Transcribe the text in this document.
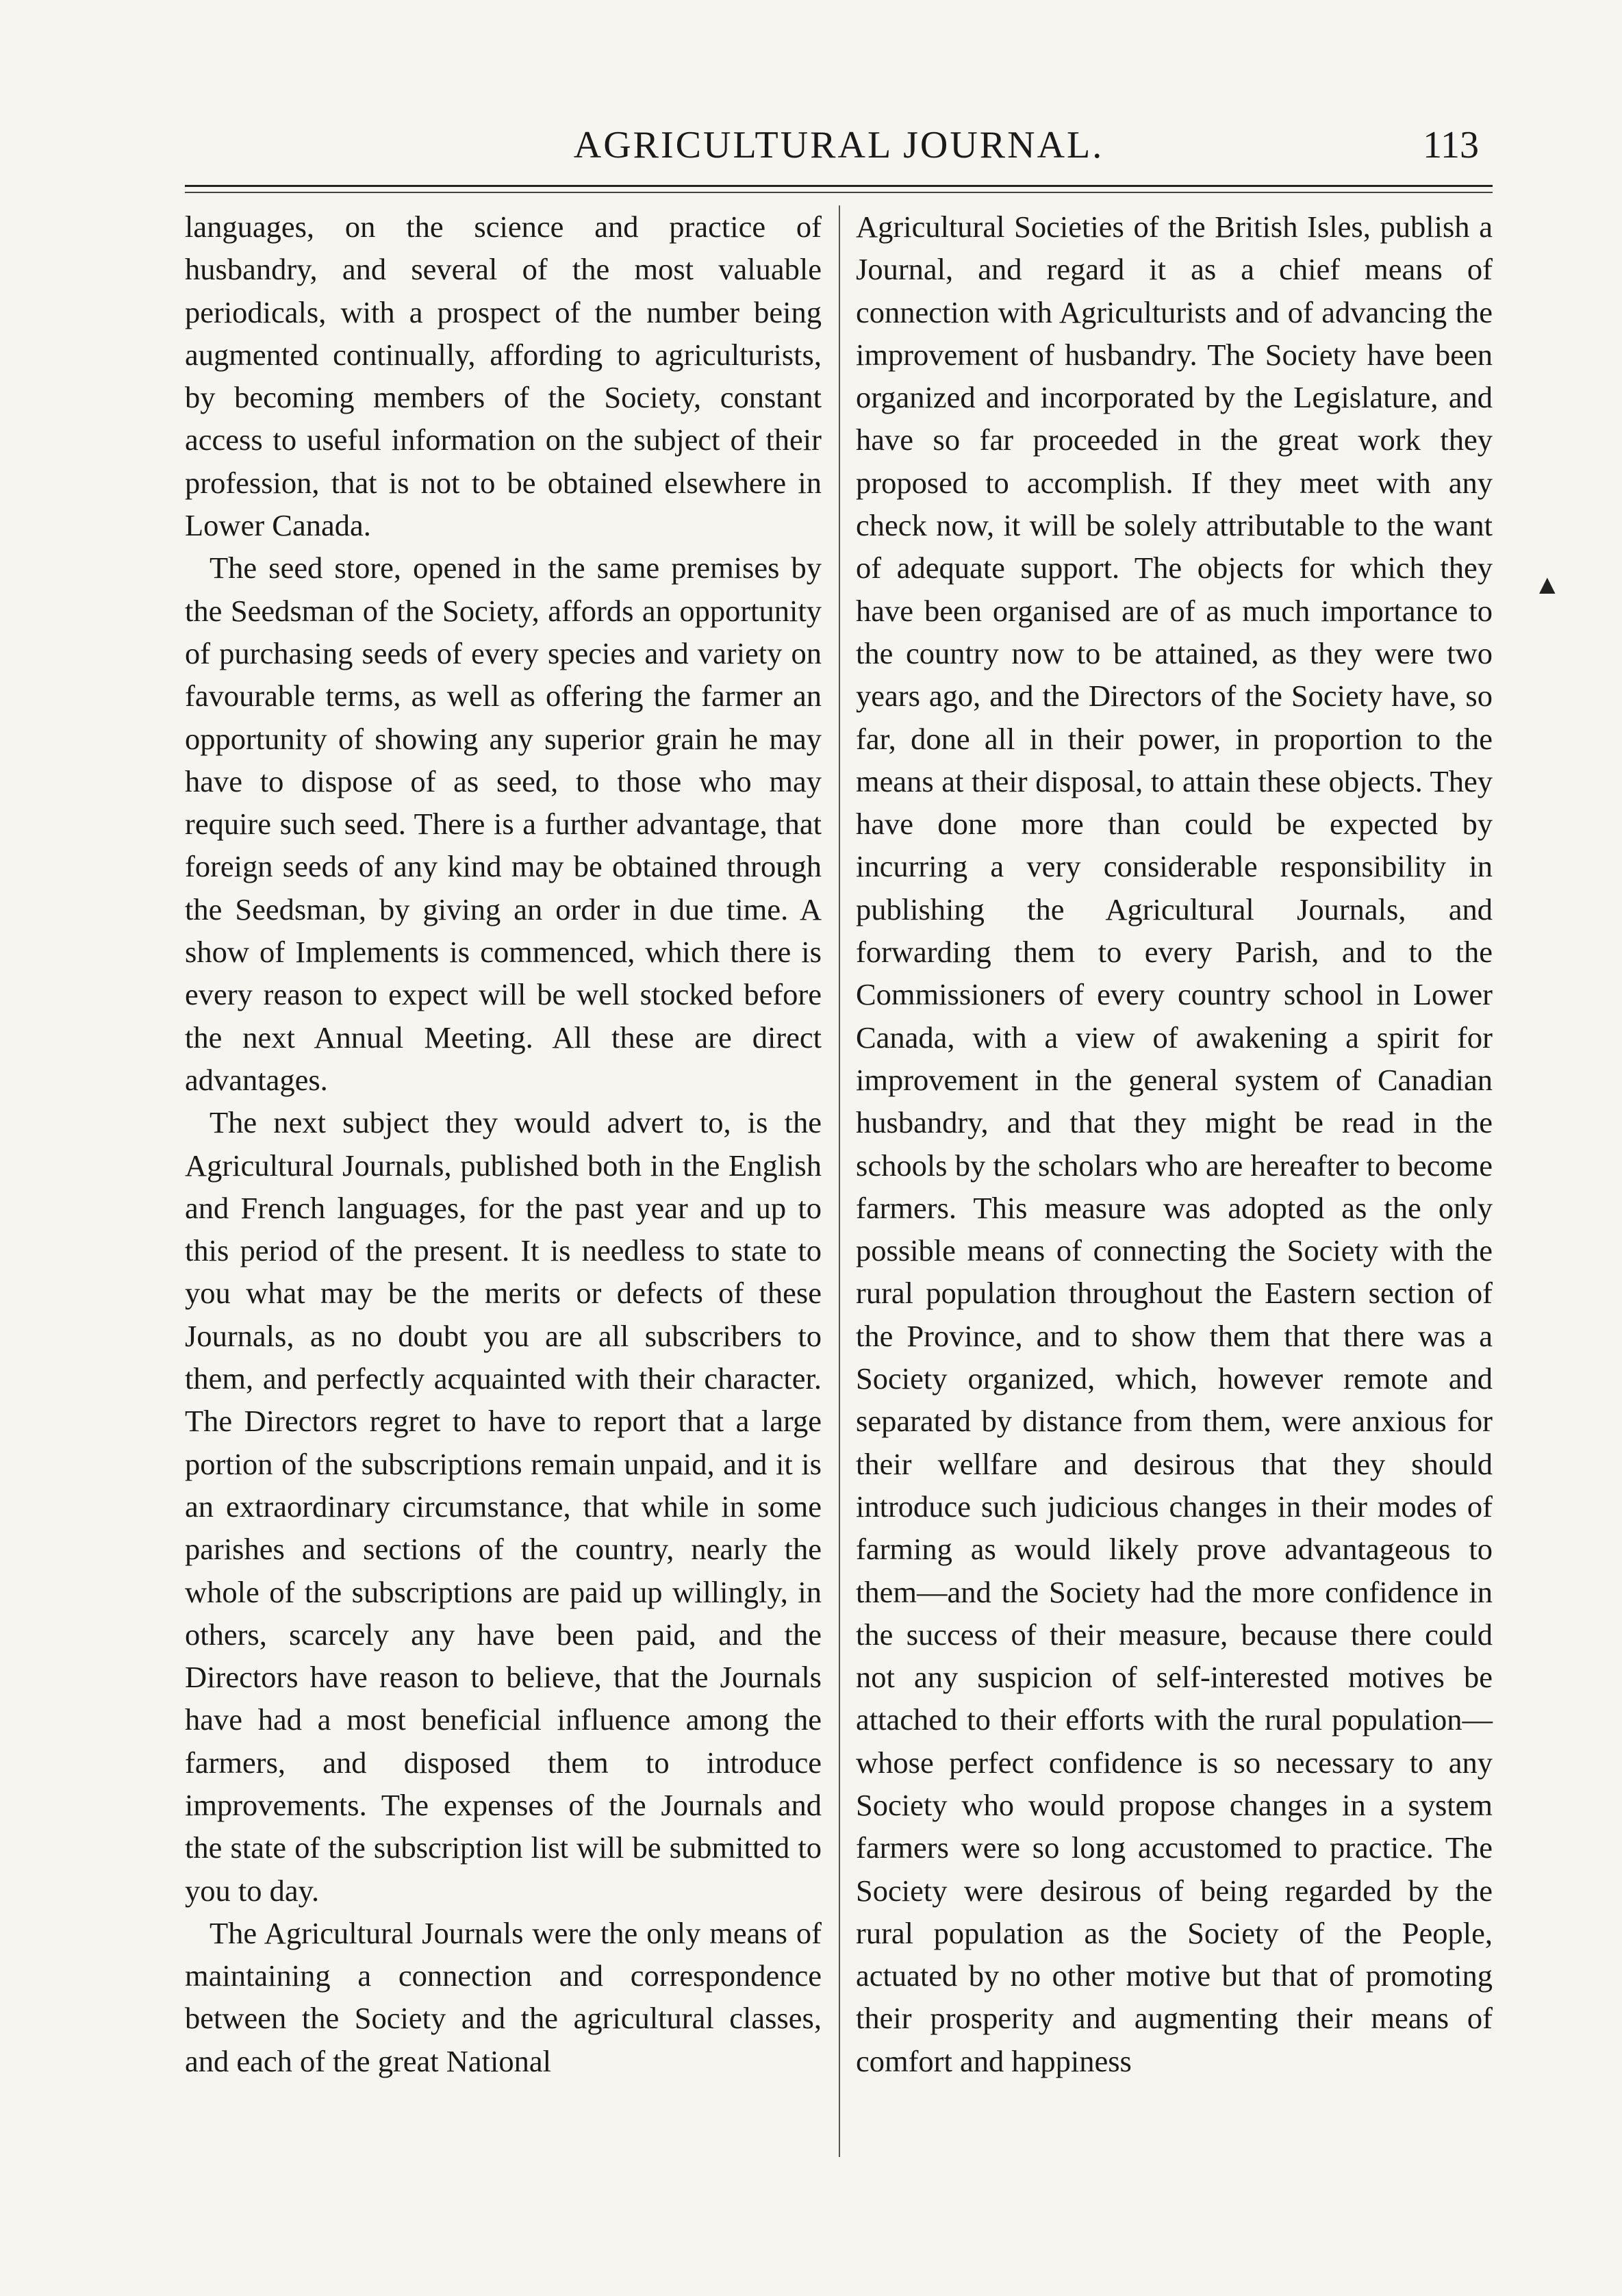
AGRICULTURAL JOURNAL.	113

languages, on the science and practice of husbandry, and several of the most valuable periodicals, with a prospect of the number being augmented continually, affording to agriculturists, by becoming members of the Society, constant access to useful information on the subject of their profession, that is not to be obtained elsewhere in Lower Canada.

The seed store, opened in the same premises by the Seedsman of the Society, affords an opportunity of purchasing seeds of every species and variety on favourable terms, as well as offering the farmer an opportunity of showing any superior grain he may have to dispose of as seed, to those who may require such seed. There is a further advantage, that foreign seeds of any kind may be obtained through the Seedsman, by giving an order in due time. A show of Implements is commenced, which there is every reason to expect will be well stocked before the next Annual Meeting. All these are direct advantages.

The next subject they would advert to, is the Agricultural Journals, published both in the English and French languages, for the past year and up to this period of the present. It is needless to state to you what may be the merits or defects of these Journals, as no doubt you are all subscribers to them, and perfectly acquainted with their character. The Directors regret to have to report that a large portion of the subscriptions remain unpaid, and it is an extraordinary circumstance, that while in some parishes and sections of the country, nearly the whole of the subscriptions are paid up willingly, in others, scarcely any have been paid, and the Directors have reason to believe, that the Journals have had a most beneficial influence among the farmers, and disposed them to introduce improvements. The expenses of the Journals and the state of the subscription list will be submitted to you to day.

The Agricultural Journals were the only means of maintaining a connection and correspondence between the Society and the agricultural classes, and each of the great National

Agricultural Societies of the British Isles, publish a Journal, and regard it as a chief means of connection with Agriculturists and of advancing the improvement of husbandry. The Society have been organized and incorporated by the Legislature, and have so far proceeded in the great work they proposed to accomplish. If they meet with any check now, it will be solely attributable to the want of adequate support. The objects for which they have been organised are of as much importance to the country now to be attained, as they were two years ago, and the Directors of the Society have, so far, done all in their power, in proportion to the means at their disposal, to attain these objects. They have done more than could be expected by incurring a very considerable responsibility in publishing the Agricultural Journals, and forwarding them to every Parish, and to the Commissioners of every country school in Lower Canada, with a view of awakening a spirit for improvement in the general system of Canadian husbandry, and that they might be read in the schools by the scholars who are hereafter to become farmers. This measure was adopted as the only possible means of connecting the Society with the rural population throughout the Eastern section of the Province, and to show them that there was a Society organized, which, however remote and separated by distance from them, were anxious for their wellfare and desirous that they should introduce such judicious changes in their modes of farming as would likely prove advantageous to them—and the Society had the more confidence in the success of their measure, because there could not any suspicion of self-interested motives be attached to their efforts with the rural population—whose perfect confidence is so necessary to any Society who would propose changes in a system farmers were so long accustomed to practice. The Society were desirous of being regarded by the rural population as the Society of the People, actuated by no other motive but that of promoting their prosperity and augmenting their means of comfort and happiness

▲
